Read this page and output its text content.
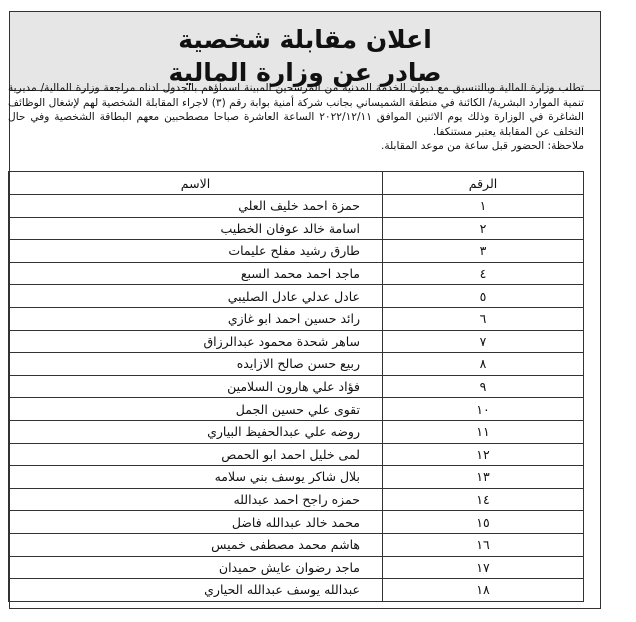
اعلان مقابلة شخصية
صادر عن وزارة المالية

تطلب وزارة المالية وبالتنسيق مع ديوان الخدمة المدنية من المرشحين المبينة اسماؤهم بالجدول ادناه مراجعة وزارة المالية/ مديرية تنمية الموارد البشرية/ الكائنة في منطقة الشميساني بجانب شركة أمنية بوابة رقم (٣) لاجراء المقابلة الشخصية لهم لإشغال الوظائف الشاغرة في الوزارة وذلك يوم الاثنين الموافق ٢٠٢٢/١٢/١١ الساعة العاشرة صباحا مصطحبين معهم البطاقة الشخصية وفي حال التخلف عن المقابلة يعتبر مستنكفا.

ملاحظة: الحضور قبل ساعة من موعد المقابلة.

الرقم	الاسم
١	حمزة احمد خليف العلي
٢	اسامة خالد عوفان الخطيب
٣	طارق رشيد مفلح عليمات
٤	ماجد احمد محمد السبع
٥	عادل عدلي عادل الصليبي
٦	رائد حسين احمد ابو غازي
٧	ساهر شحدة محمود عبدالرزاق
٨	ربيع حسن صالح الازايده
٩	فؤاد علي هارون السلامين
١٠	تقوى علي حسين الجمل
١١	روضه علي عبدالحفيظ البياري
١٢	لمى خليل احمد ابو الحمص
١٣	بلال شاكر يوسف بني سلامه
١٤	حمزه راجح احمد عبدالله
١٥	محمد خالد عبدالله فاضل
١٦	هاشم محمد مصطفى خميس
١٧	ماجد رضوان عايش حميدان
١٨	عبدالله يوسف عبدالله الحياري
